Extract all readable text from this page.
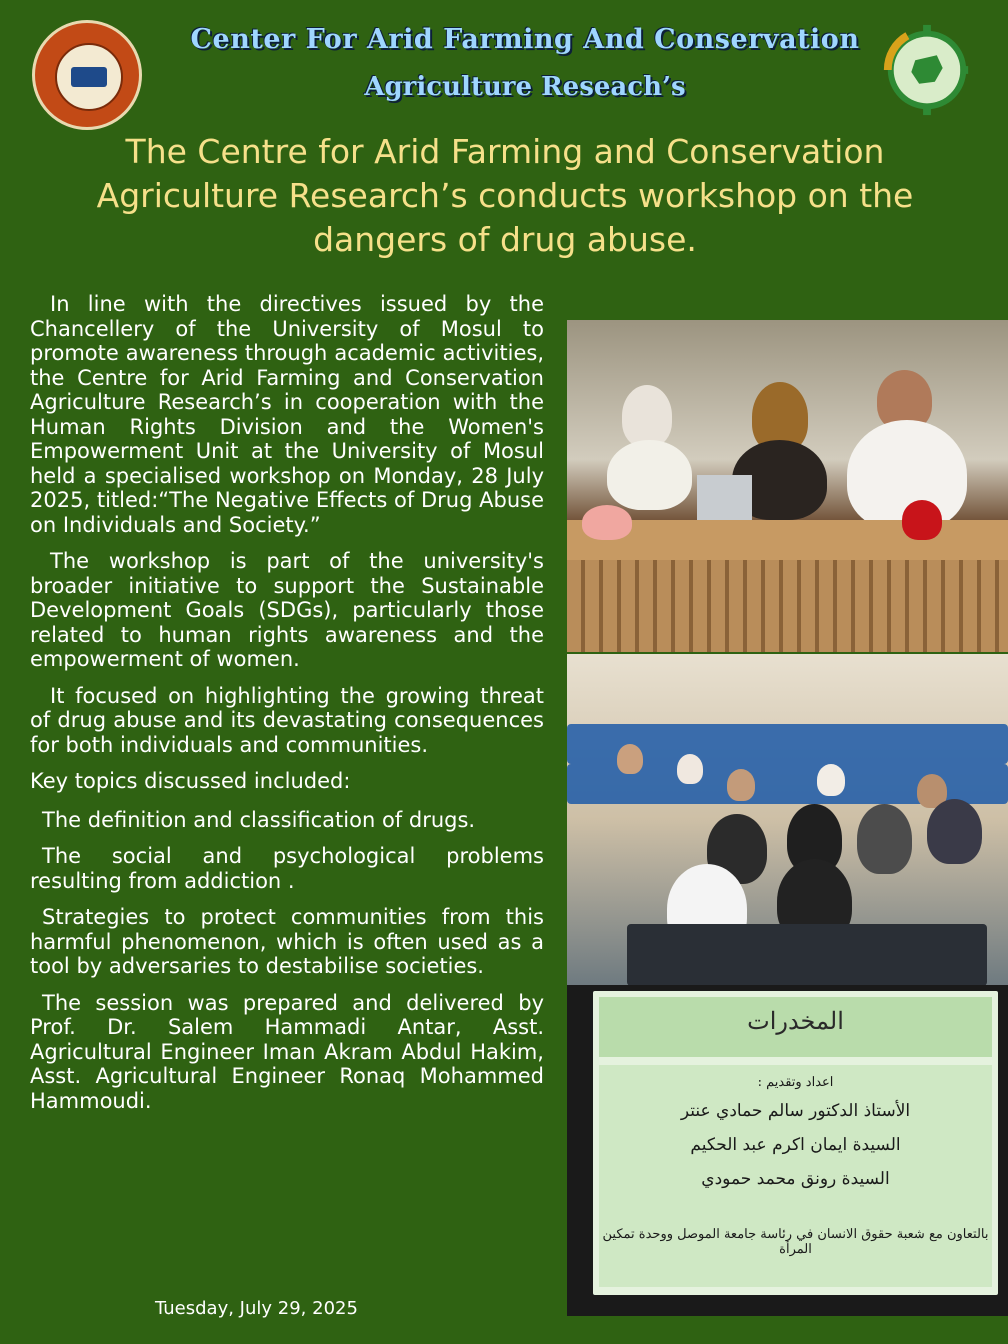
Center For Arid Farming And Conservation
Agriculture Reseach’s
The Centre for Arid Farming and Conservation
Agriculture Research’s conducts workshop on the
dangers of drug abuse.

In line with the directives issued by the Chancellery of the University of Mosul to promote awareness through academic activities, the Centre for Arid Farming and Conservation Agriculture Research’s in cooperation with the Human Rights Division and the Women's Empowerment Unit at the University of Mosul held a specialised workshop on Monday, 28 July 2025, titled:“The Negative Effects of Drug Abuse on Individuals and Society.”

The workshop is part of the university's broader initiative to support the Sustainable Development Goals (SDGs), particularly those related to human rights awareness and the empowerment of women.

It focused on highlighting the growing threat of drug abuse and its devastating consequences for both individuals and communities.

Key topics discussed included:

The definition and classification of drugs.

The social and psychological problems resulting from addiction .

Strategies to protect communities from this harmful phenomenon, which is often used as a tool by adversaries to destabilise societies.

The session was prepared and delivered by Prof. Dr. Salem Hammadi Antar, Asst. Agricultural Engineer Iman Akram Abdul Hakim, Asst. Agricultural Engineer Ronaq Mohammed Hammoudi.

Tuesday, July 29, 2025
المخدرات
اعداد وتقديم :
الأستاذ الدكتور سالم حمادي عنتر
السيدة ايمان اكرم عبد الحكيم
السيدة رونق محمد حمودي
بالتعاون مع شعبة حقوق الانسان في رئاسة جامعة الموصل ووحدة تمكين المرأة
